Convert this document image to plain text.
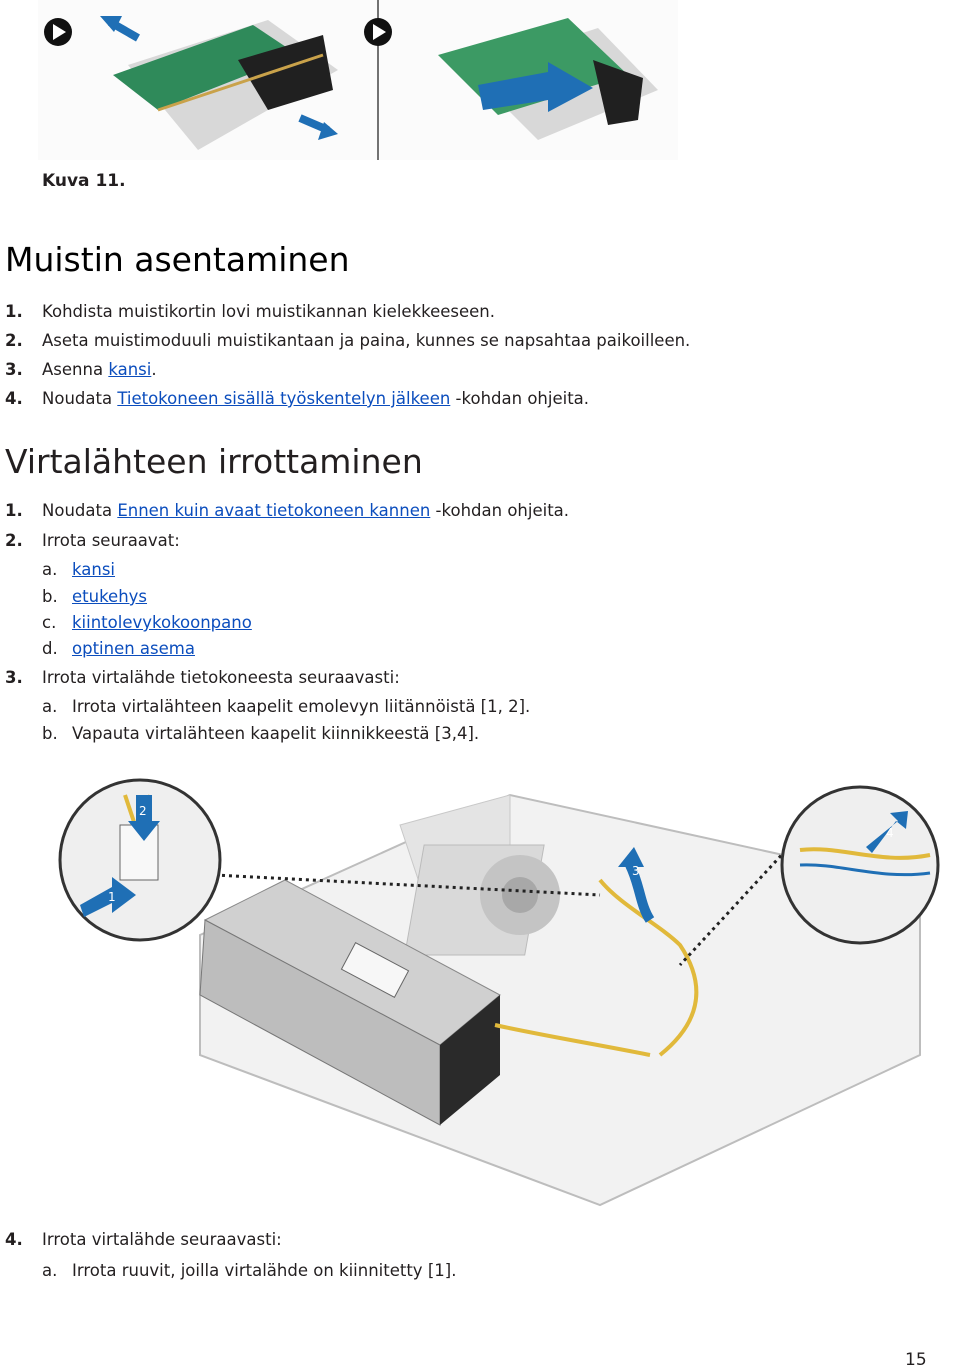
Kuva 11.
Muistin asentaminen
1. Kohdista muistikortin lovi muistikannan kielekkeeseen.
2. Aseta muistimoduuli muistikantaan ja paina, kunnes se napsahtaa paikoilleen.
3. Asenna kansi.
4. Noudata Tietokoneen sisällä työskentelyn jälkeen -kohdan ohjeita.
Virtalähteen irrottaminen
1. Noudata Ennen kuin avaat tietokoneen kannen -kohdan ohjeita.
2. Irrota seuraavat:
a. kansi
b. etukehys
c. kiintolevykokoonpano
d. optinen asema
3. Irrota virtalähde tietokoneesta seuraavasti:
a. Irrota virtalähteen kaapelit emolevyn liitännöistä [1, 2].
b. Vapauta virtalähteen kaapelit kiinnikkeestä [3,4].
1
2
3
4
4. Irrota virtalähde seuraavasti:
a. Irrota ruuvit, joilla virtalähde on kiinnitetty [1].
15
